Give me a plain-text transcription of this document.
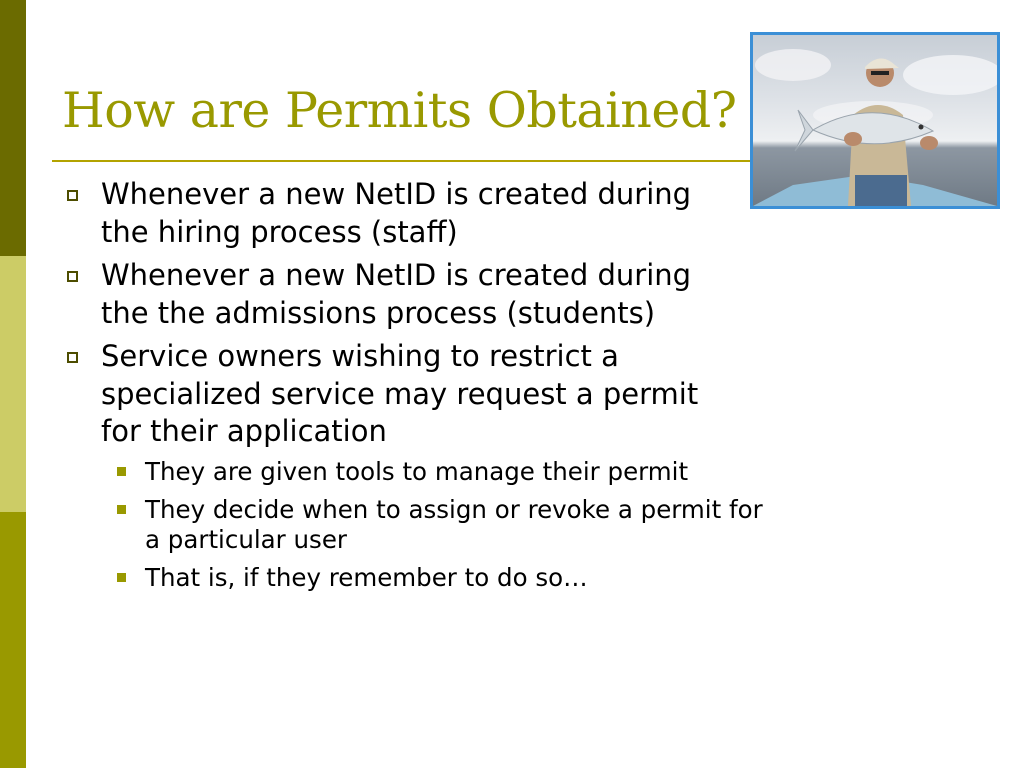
How are Permits Obtained?
Whenever a new NetID is created during the hiring process (staff)
Whenever a new NetID is created during the the admissions process (students)
Service owners wishing to restrict a specialized service may request a permit for their application
They are given tools to manage their permit
They decide when to assign or revoke a permit for a particular user
That is, if they remember to do so…
